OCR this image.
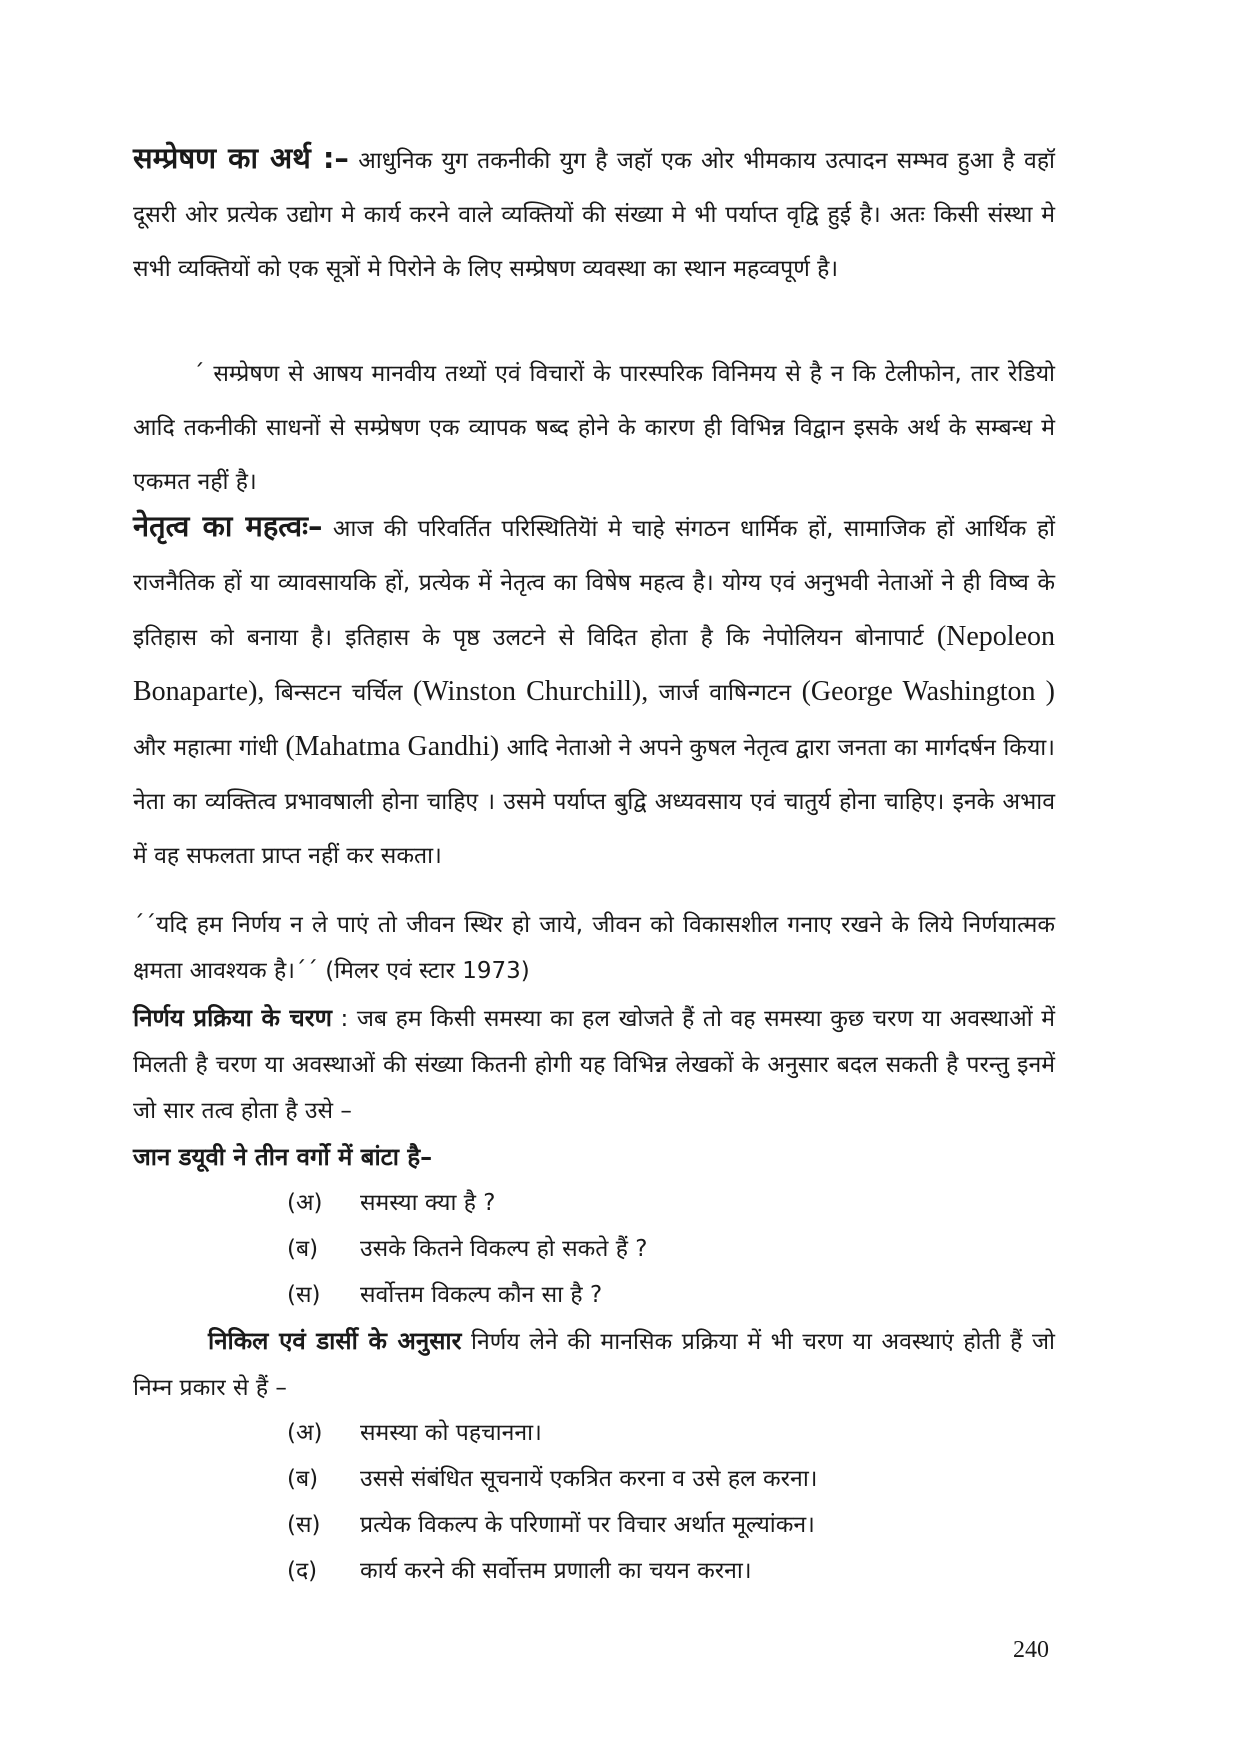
सम्प्रेषण का अर्थ :– आधुनिक युग तकनीकी युग है जहॉ एक ओर भीमकाय उत्पादन सम्भव हुआ है वहॉ दूसरी ओर प्रत्येक उद्योग मे कार्य करने वाले व्यक्तियों की संख्या मे भी पर्याप्त वृद्वि हुई है। अतः किसी संस्था मे सभी व्यक्तियों को एक सूत्रों मे पिरोने के लिए सम्प्रेषण व्यवस्था का स्थान महव्वपूर्ण है।

´ सम्प्रेषण से आषय मानवीय तथ्यों एवं विचारों के पारस्परिक विनिमय से है न कि टेलीफोन, तार रेडियो आदि तकनीकी साधनों से सम्प्रेषण एक व्यापक षब्द होने के कारण ही विभिन्न विद्वान इसके अर्थ के सम्बन्ध मे एकमत नहीं है।

नेतृत्व का महत्वः– आज की परिवर्तित परिस्थितियॆां मे चाहे संगठन धार्मिक हों, सामाजिक हों आर्थिक हों राजनैतिक हों या व्यावसायकि हों, प्रत्येक में नेतृत्व का विषेष महत्व है। योग्य एवं अनुभवी नेताओं ने ही विष्व के इतिहास को बनाया है। इतिहास के पृष्ठ उलटने से विदित होता है कि नेपोलियन बोनापार्ट (Nepoleon Bonaparte), बिन्सटन चर्चिल (Winston Churchill), जार्ज वाषिन्गटन (George Washington ) और महात्मा गांधी (Mahatma Gandhi) आदि नेताओ ने अपने कुषल नेतृत्व द्वारा जनता का मार्गदर्षन किया। नेता का व्यक्तित्व प्रभावषाली होना चाहिए । उसमे पर्याप्त बुद्वि अध्यवसाय एवं चातुर्य होना चाहिए। इनके अभाव में वह सफलता प्राप्त नहीं कर सकता।

´´यदि हम निर्णय न ले पाएं तो जीवन स्थिर हो जाये, जीवन को विकासशील गनाए रखने के लिये निर्णयात्मक क्षमता आवश्यक है।´´ (मिलर एवं स्टार 1973)

निर्णय प्रक्रिया के चरण : जब हम किसी समस्या का हल खोजते हैं तो वह समस्या कुछ चरण या अवस्थाओं में मिलती है चरण या अवस्थाओं की संख्या कितनी होगी यह विभिन्न लेखकों के अनुसार बदल सकती है परन्तु इनमें जो सार तत्व होता है उसे –

जान डयूवी ने तीन वर्गो में बांटा है–
(अ) समस्या क्या है ?
(ब) उसके कितने विकल्प हो सकते हैं ?
(स) सर्वोत्तम विकल्प कौन सा है ?

निकिल एवं डार्सी के अनुसार निर्णय लेने की मानसिक प्रक्रिया में भी चरण या अवस्थाएं होती हैं जो निम्न प्रकार से हैं –

(अ) समस्या को पहचानना।
(ब) उससे संबंधित सूचनायें एकत्रित करना व उसे हल करना।
(स) प्रत्येक विकल्प के परिणामों पर विचार अर्थात मूल्यांकन।
(द) कार्य करने की सर्वोत्तम प्रणाली का चयन करना।
240
